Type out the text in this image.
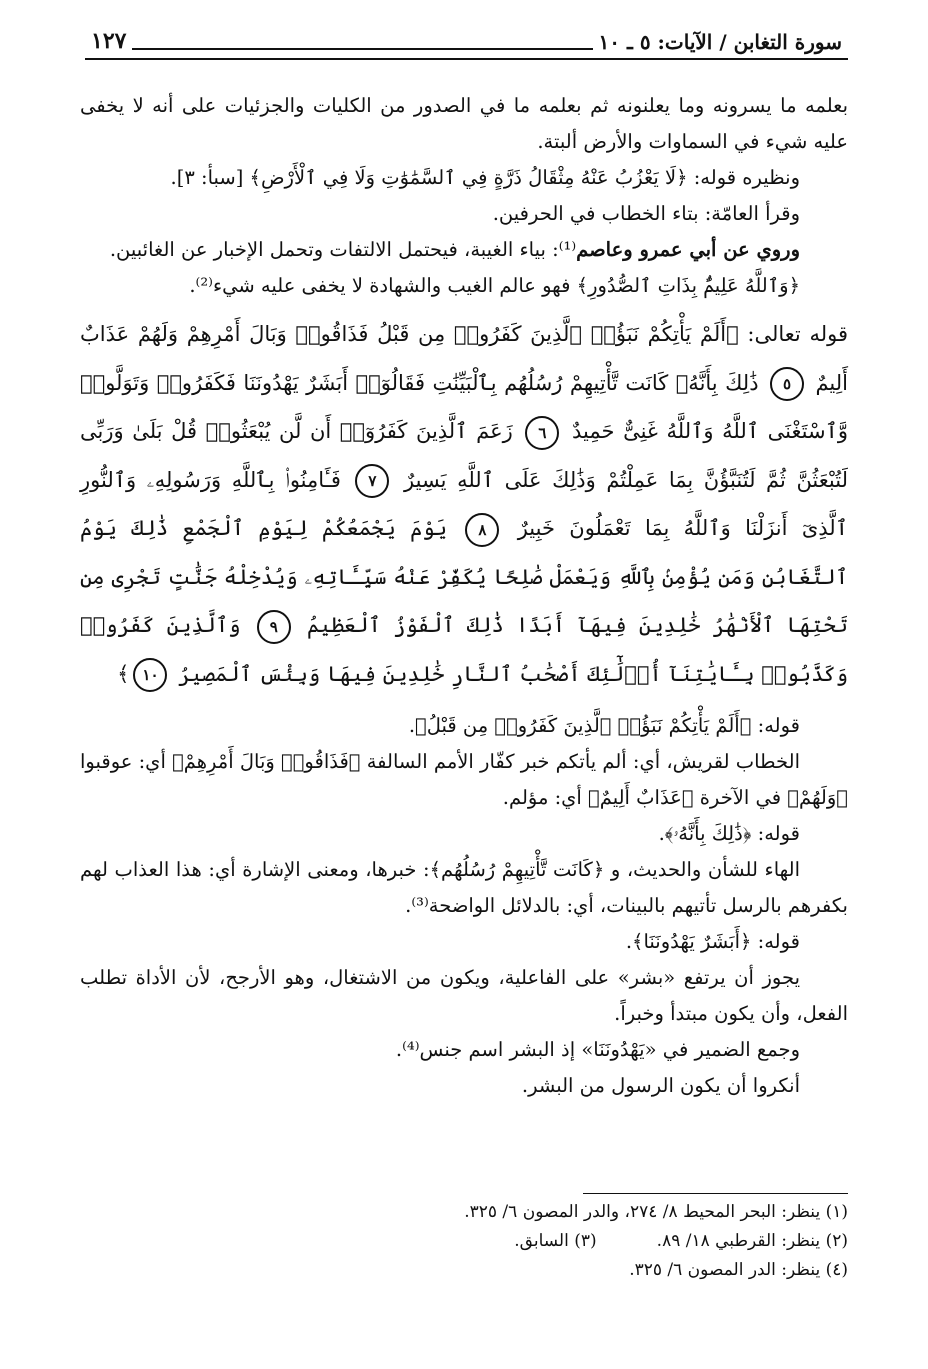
سورة التغابن / الآيات: ٥ ـ ١٠
١٢٧

بعلمه ما يسرونه وما يعلنونه ثم بعلمه ما في الصدور من الكليات والجزئيات على أنه لا يخفى عليه شيء في السماوات والأرض ألبتة.

ونظيره قوله: ﴿لَا يَعْزُبُ عَنْهُ مِثْقَالُ ذَرَّةٍ فِي ٱلسَّمَٰوَٰتِ وَلَا فِي ٱلْأَرْضِ﴾ [سبأ: ٣].

وقرأ العامّة: بتاء الخطاب في الحرفين.

وروي عن أبي عمرو وعاصم⁽¹⁾: بياء الغيبة، فيحتمل الالتفات وتحمل الإخبار عن الغائبين.

﴿وَٱللَّهُ عَلِيمٌۢ بِذَاتِ ٱلصُّدُورِ﴾ فهو عالم الغيب والشهادة لا يخفى عليه شيء⁽²⁾.

قوله تعالى: ﴿أَلَمْ يَأْتِكُمْ نَبَؤُا۟ ٱلَّذِينَ كَفَرُوا۟ مِن قَبْلُ فَذَاقُوا۟ وَبَالَ أَمْرِهِمْ وَلَهُمْ عَذَابٌ أَلِيمٌ ٥ ذَٰلِكَ بِأَنَّهُۥ كَانَت تَّأْتِيهِمْ رُسُلُهُم بِٱلْبَيِّنَٰتِ فَقَالُوٓا۟ أَبَشَرٌ يَهْدُونَنَا فَكَفَرُوا۟ وَتَوَلَّوا۟ وَّٱسْتَغْنَى ٱللَّهُ وَٱللَّهُ غَنِىٌّ حَمِيدٌ ٦ زَعَمَ ٱلَّذِينَ كَفَرُوٓا۟ أَن لَّن يُبْعَثُوا۟ قُلْ بَلَىٰ وَرَبِّى لَتُبْعَثُنَّ ثُمَّ لَتُنَبَّؤُنَّ بِمَا عَمِلْتُمْ وَذَٰلِكَ عَلَى ٱللَّهِ يَسِيرٌ ٧ فَـَٔامِنُوا۟ بِٱللَّهِ وَرَسُولِهِۦ وَٱلنُّورِ ٱلَّذِىٓ أَنزَلْنَا وَٱللَّهُ بِمَا تَعْمَلُونَ خَبِيرٌ ٨ يَوْمَ يَجْمَعُكُمْ لِيَوْمِ ٱلْجَمْعِ ذَٰلِكَ يَوْمُ ٱلتَّغَابُنِ وَمَن يُؤْمِنۢ بِٱللَّهِ وَيَعْمَلْ صَٰلِحًا يُكَفِّرْ عَنْهُ سَيِّـَٔاتِهِۦ وَيُدْخِلْهُ جَنَّٰتٍ تَجْرِى مِن تَحْتِهَا ٱلْأَنْهَٰرُ خَٰلِدِينَ فِيهَآ أَبَدًا ذَٰلِكَ ٱلْفَوْزُ ٱلْعَظِيمُ ٩ وَٱلَّذِينَ كَفَرُوا۟ وَكَذَّبُوا۟ بِـَٔايَٰتِنَآ أُو۟لَٰٓئِكَ أَصْحَٰبُ ٱلنَّارِ خَٰلِدِينَ فِيهَا وَبِئْسَ ٱلْمَصِيرُ ١٠﴾

قوله: ﴿أَلَمْ يَأْتِكُمْ نَبَؤُا۟ ٱلَّذِينَ كَفَرُوا۟ مِن قَبْلُ﴾.

الخطاب لقريش، أي: ألم يأتكم خبر كفّار الأمم السالفة ﴿فَذَاقُوا۟ وَبَالَ أَمْرِهِمْ﴾ أي: عوقبوا ﴿وَلَهُمْ﴾ في الآخرة ﴿عَذَابٌ أَلِيمٌ﴾ أي: مؤلم.

قوله: ﴿ذَٰلِكَ بِأَنَّهُۥ﴾.

الهاء للشأن والحديث، و ﴿كَانَت تَّأْتِيهِمْ رُسُلُهُم﴾: خبرها، ومعنى الإشارة أي: هذا العذاب لهم بكفرهم بالرسل تأتيهم بالبينات، أي: بالدلائل الواضحة⁽³⁾.

قوله: ﴿أَبَشَرٌ يَهْدُونَنَا﴾.

يجوز أن يرتفع «بشر» على الفاعلية، ويكون من الاشتغال، وهو الأرجح، لأن الأداة تطلب الفعل، وأن يكون مبتدأ وخبراً.

وجمع الضمير في «يَهْدُونَنَا» إذ البشر اسم جنس⁽⁴⁾.

أنكروا أن يكون الرسول من البشر.

(١) ينظر: البحر المحيط ٨/ ٢٧٤، والدر المصون ٦/ ٣٢٥.
(٢) ينظر: القرطبي ١٨/ ٨٩.
(٣) السابق.
(٤) ينظر: الدر المصون ٦/ ٣٢٥.
